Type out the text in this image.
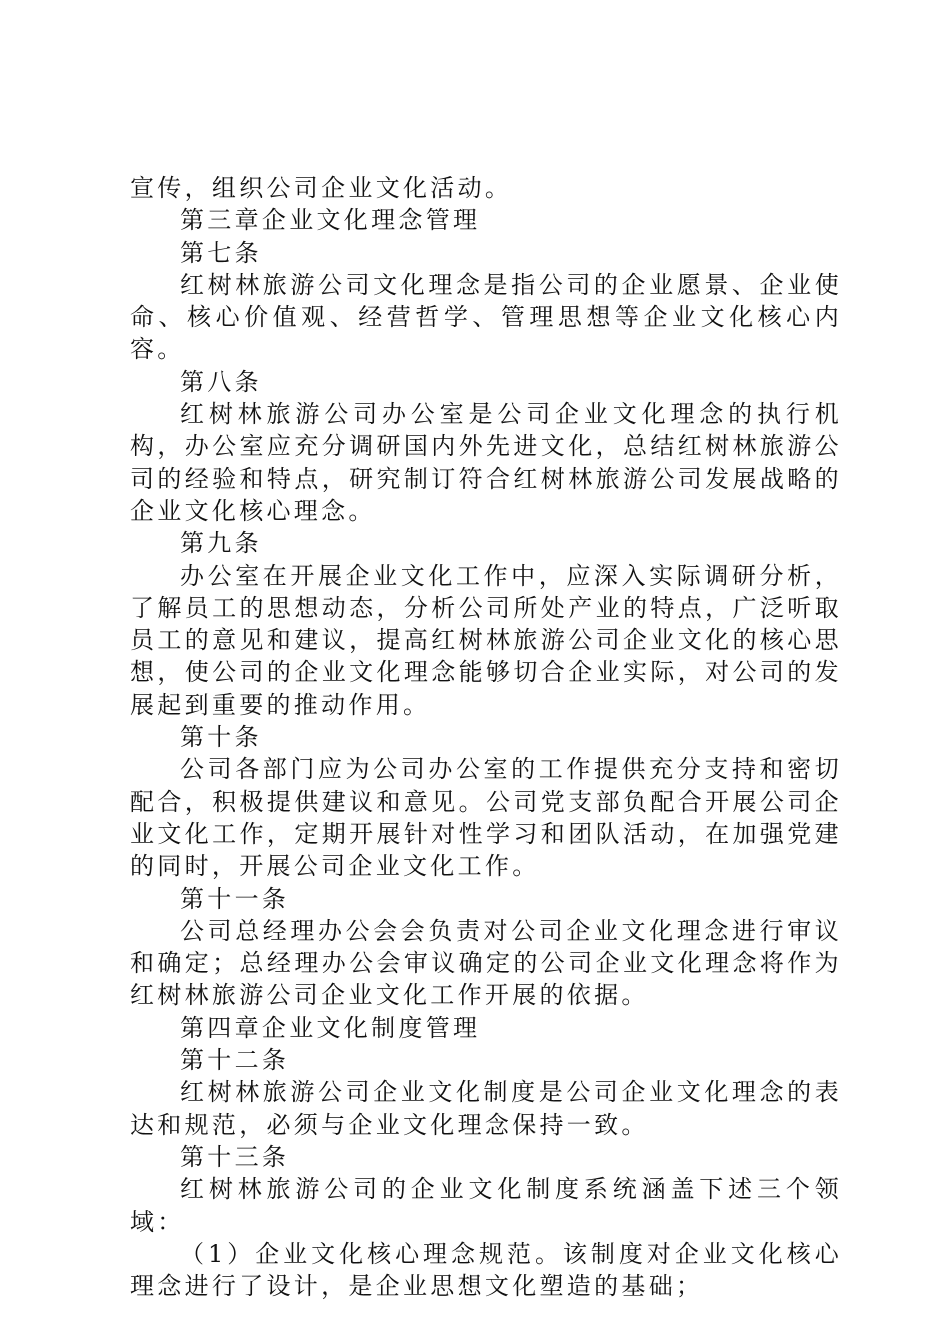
宣传，组织公司企业文化活动。

第三章企业文化理念管理

第七条

红树林旅游公司文化理念是指公司的企业愿景、企业使命、核心价值观、经营哲学、管理思想等企业文化核心内容。

第八条

红树林旅游公司办公室是公司企业文化理念的执行机构，办公室应充分调研国内外先进文化，总结红树林旅游公司的经验和特点，研究制订符合红树林旅游公司发展战略的企业文化核心理念。

第九条

办公室在开展企业文化工作中，应深入实际调研分析，了解员工的思想动态，分析公司所处产业的特点，广泛听取员工的意见和建议，提高红树林旅游公司企业文化的核心思想，使公司的企业文化理念能够切合企业实际，对公司的发展起到重要的推动作用。

第十条

公司各部门应为公司办公室的工作提供充分支持和密切配合，积极提供建议和意见。公司党支部负配合开展公司企业文化工作，定期开展针对性学习和团队活动，在加强党建的同时，开展公司企业文化工作。

第十一条

公司总经理办公会会负责对公司企业文化理念进行审议和确定；总经理办公会审议确定的公司企业文化理念将作为红树林旅游公司企业文化工作开展的依据。

第四章企业文化制度管理

第十二条

红树林旅游公司企业文化制度是公司企业文化理念的表达和规范，必须与企业文化理念保持一致。

第十三条

红树林旅游公司的企业文化制度系统涵盖下述三个领域：

（1）企业文化核心理念规范。该制度对企业文化核心理念进行了设计，是企业思想文化塑造的基础；
